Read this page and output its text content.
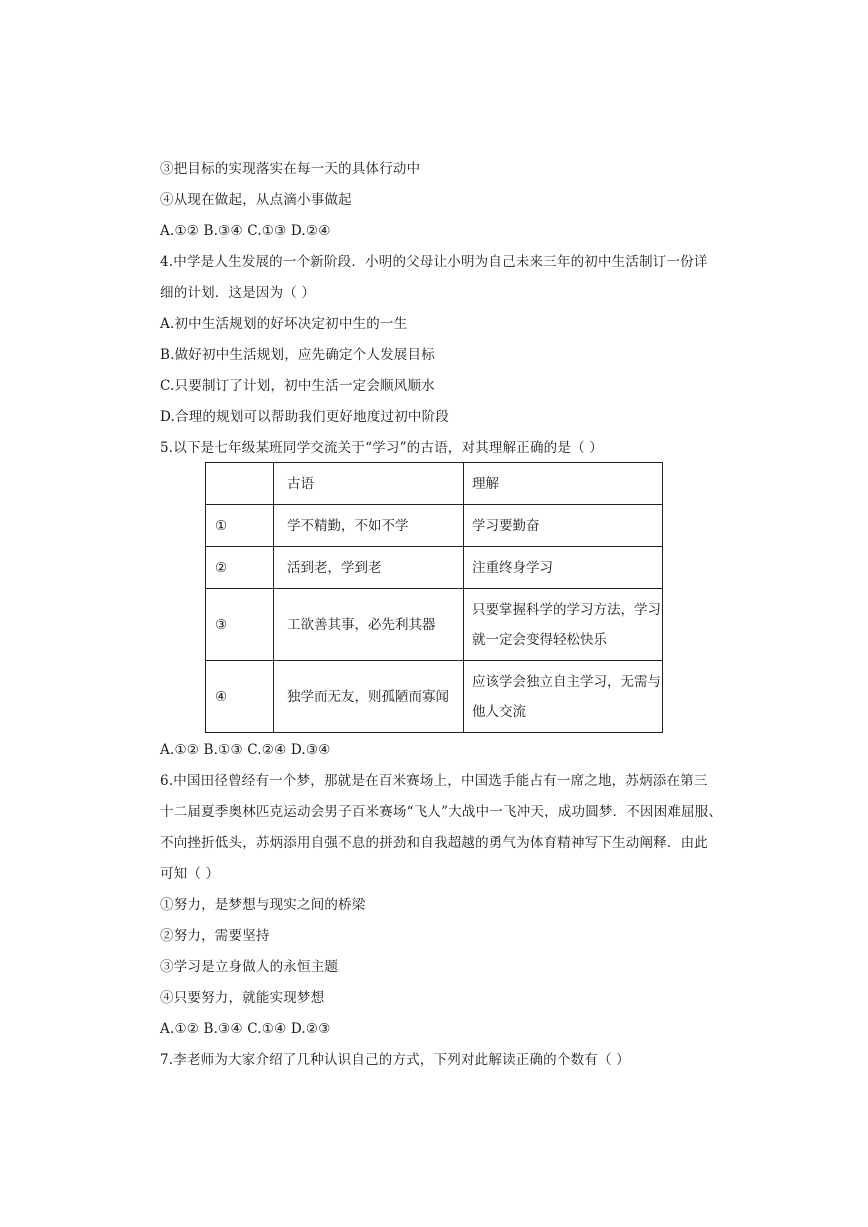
③把目标的实现落实在每一天的具体行动中
④从现在做起，从点滴小事做起
A.①② B.③④ C.①③ D.②④
4.中学是人生发展的一个新阶段．小明的父母让小明为自己未来三年的初中生活制订一份详
细的计划．这是因为（ ）
A.初中生活规划的好坏决定初中生的一生
B.做好初中生活规划，应先确定个人发展目标
C.只要制订了计划，初中生活一定会顺风顺水
D.合理的规划可以帮助我们更好地度过初中阶段
5.以下是七年级某班同学交流关于“学习”的古语，对其理解正确的是（ ）
	古语	理解
①	学不精勤，不如不学	学习要勤奋
②	活到老，学到老	注重终身学习
③	工欲善其事，必先利其器	只要掌握科学的学习方法，学习
就一定会变得轻松快乐

④	独学而无友，则孤陋而寡闻	应该学会独立自主学习，无需与
他人交流
A.①② B.①③ C.②④ D.③④
6.中国田径曾经有一个梦，那就是在百米赛场上，中国选手能占有一席之地，苏炳添在第三
十二届夏季奥林匹克运动会男子百米赛场“飞人”大战中一飞冲天，成功圆梦．不因困难屈服、
不向挫折低头，苏炳添用自强不息的拼劲和自我超越的勇气为体育精神写下生动阐释．由此
可知（ ）
①努力，是梦想与现实之间的桥梁
②努力，需要坚持
③学习是立身做人的永恒主题
④只要努力，就能实现梦想
A.①② B.③④ C.①④ D.②③
7.李老师为大家介绍了几种认识自己的方式，下列对此解读正确的个数有（ ）
